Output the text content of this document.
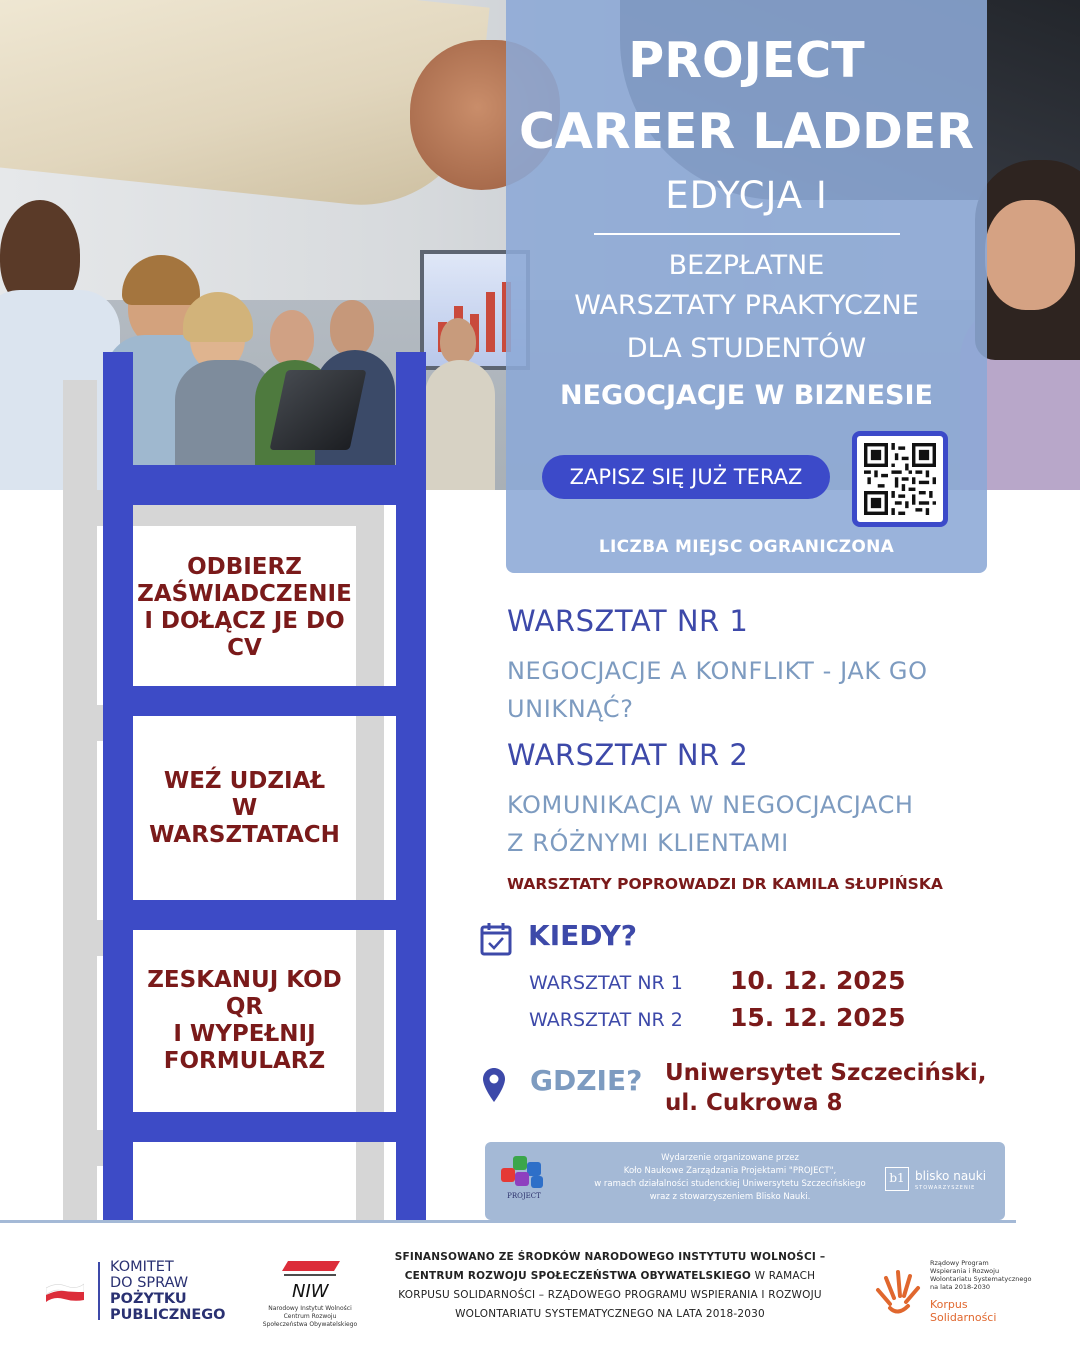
ODBIERZ
ZAŚWIADCZENIE
I DOŁĄCZ JE DO CV
WEŹ UDZIAŁ
W
WARSZTATACH
ZESKANUJ KOD QR
I WYPEŁNIJ
FORMULARZ
PROJECT
CAREER LADDER
EDYCJA I
BEZPŁATNE
WARSZTATY PRAKTYCZNE
DLA STUDENTÓW
NEGOCJACJE W BIZNESIE
ZAPISZ SIĘ JUŻ TERAZ
LICZBA MIEJSC OGRANICZONA
WARSZTAT NR 1
NEGOCJACJE A KONFLIKT - JAK GO
UNIKNĄĆ?
WARSZTAT NR 2
KOMUNIKACJA W NEGOCJACJACH
Z RÓŻNYMI KLIENTAMI
WARSZTATY POPROWADZI DR KAMILA SŁUPIŃSKA
KIEDY?
WARSZTAT NR 1 10. 12. 2025
WARSZTAT NR 2 15. 12. 2025
GDZIE? Uniwersytet Szczeciński,
ul. Cukrowa 8
PROJECT
Wydarzenie organizowane przez
Koło Naukowe Zarządzania Projektami "PROJECT",
w ramach działalności studenckiej Uniwersytetu Szczecińskiego
wraz z stowarzyszeniem Blisko Nauki.
b1 blisko nauki
STOWARZYSZENIE
KOMITET
DO SPRAW
POŻYTKU
PUBLICZNEGO
NIW
Narodowy Instytut Wolności
Centrum Rozwoju Społeczeństwa Obywatelskiego
SFINANSOWANO ZE ŚRODKÓW NARODOWEGO INSTYTUTU WOLNOŚCI –
CENTRUM ROZWOJU SPOŁECZEŃSTWA OBYWATELSKIEGO W RAMACH
KORPUSU SOLIDARNOŚCI – RZĄDOWEGO PROGRAMU WSPIERANIA I ROZWOJU
WOLONTARIATU SYSTEMATYCZNEGO NA LATA 2018-2030
Rządowy Program
Wspierania i Rozwoju
Wolontariatu Systematycznego
na lata 2018-2030
Korpus
Solidarności
